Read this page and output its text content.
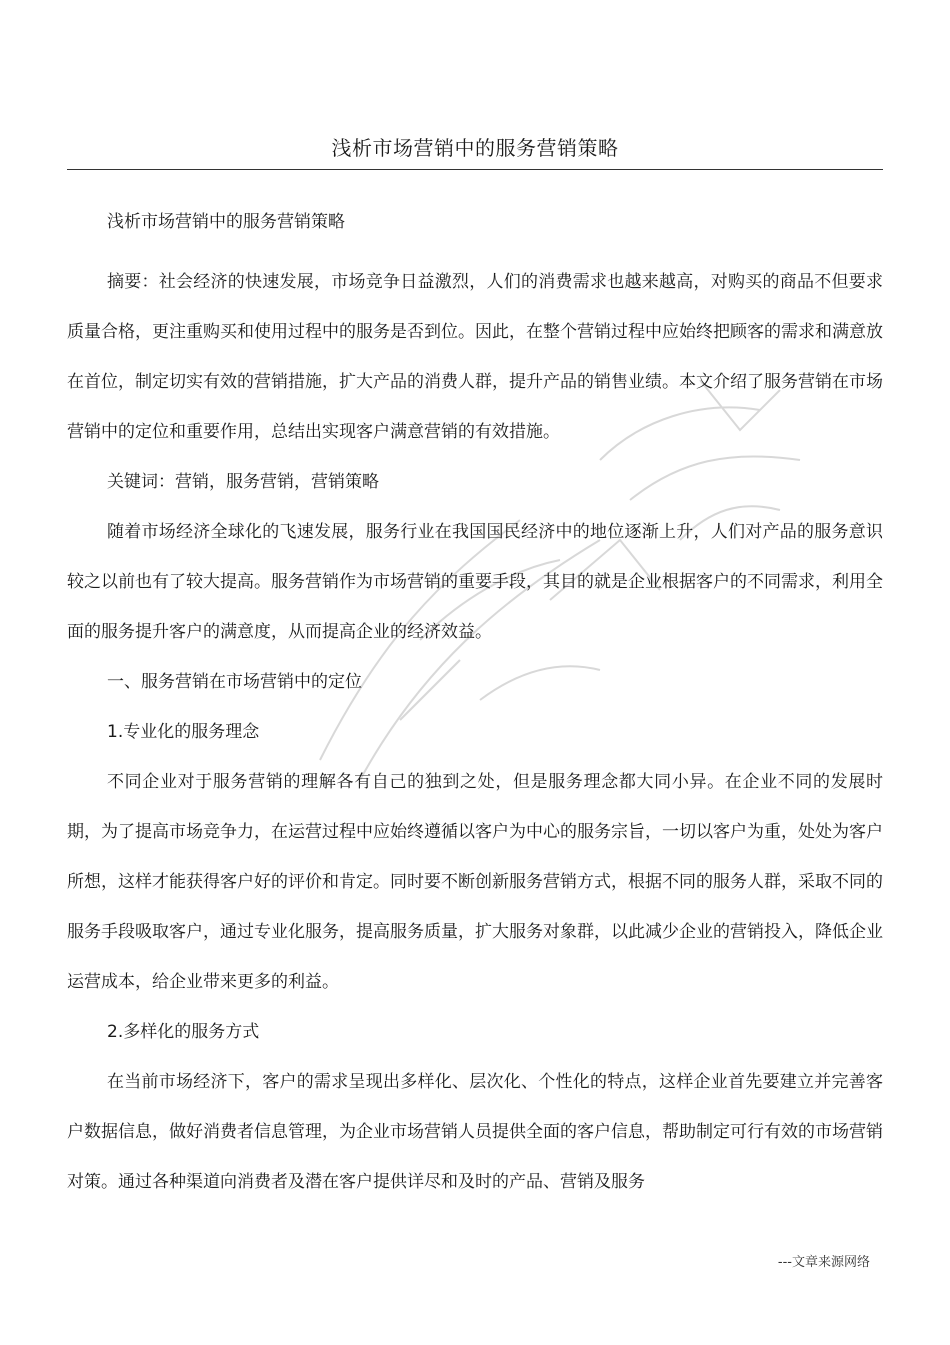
浅析市场营销中的服务营销策略

浅析市场营销中的服务营销策略

摘要：社会经济的快速发展，市场竞争日益激烈，人们的消费需求也越来越高，对购买的商品不但要求质量合格，更注重购买和使用过程中的服务是否到位。因此，在整个营销过程中应始终把顾客的需求和满意放在首位，制定切实有效的营销措施，扩大产品的消费人群，提升产品的销售业绩。本文介绍了服务营销在市场营销中的定位和重要作用，总结出实现客户满意营销的有效措施。

关键词：营销，服务营销，营销策略

随着市场经济全球化的飞速发展，服务行业在我国国民经济中的地位逐渐上升，人们对产品的服务意识较之以前也有了较大提高。服务营销作为市场营销的重要手段，其目的就是企业根据客户的不同需求，利用全面的服务提升客户的满意度，从而提高企业的经济效益。

一、服务营销在市场营销中的定位

1.专业化的服务理念

不同企业对于服务营销的理解各有自己的独到之处，但是服务理念都大同小异。在企业不同的发展时期，为了提高市场竞争力，在运营过程中应始终遵循以客户为中心的服务宗旨，一切以客户为重，处处为客户所想，这样才能获得客户好的评价和肯定。同时要不断创新服务营销方式，根据不同的服务人群，采取不同的服务手段吸取客户，通过专业化服务，提高服务质量，扩大服务对象群，以此减少企业的营销投入，降低企业运营成本，给企业带来更多的利益。

2.多样化的服务方式

在当前市场经济下，客户的需求呈现出多样化、层次化、个性化的特点，这样企业首先要建立并完善客户数据信息，做好消费者信息管理，为企业市场营销人员提供全面的客户信息，帮助制定可行有效的市场营销对策。通过各种渠道向消费者及潜在客户提供详尽和及时的产品、营销及服务

---文章来源网络
